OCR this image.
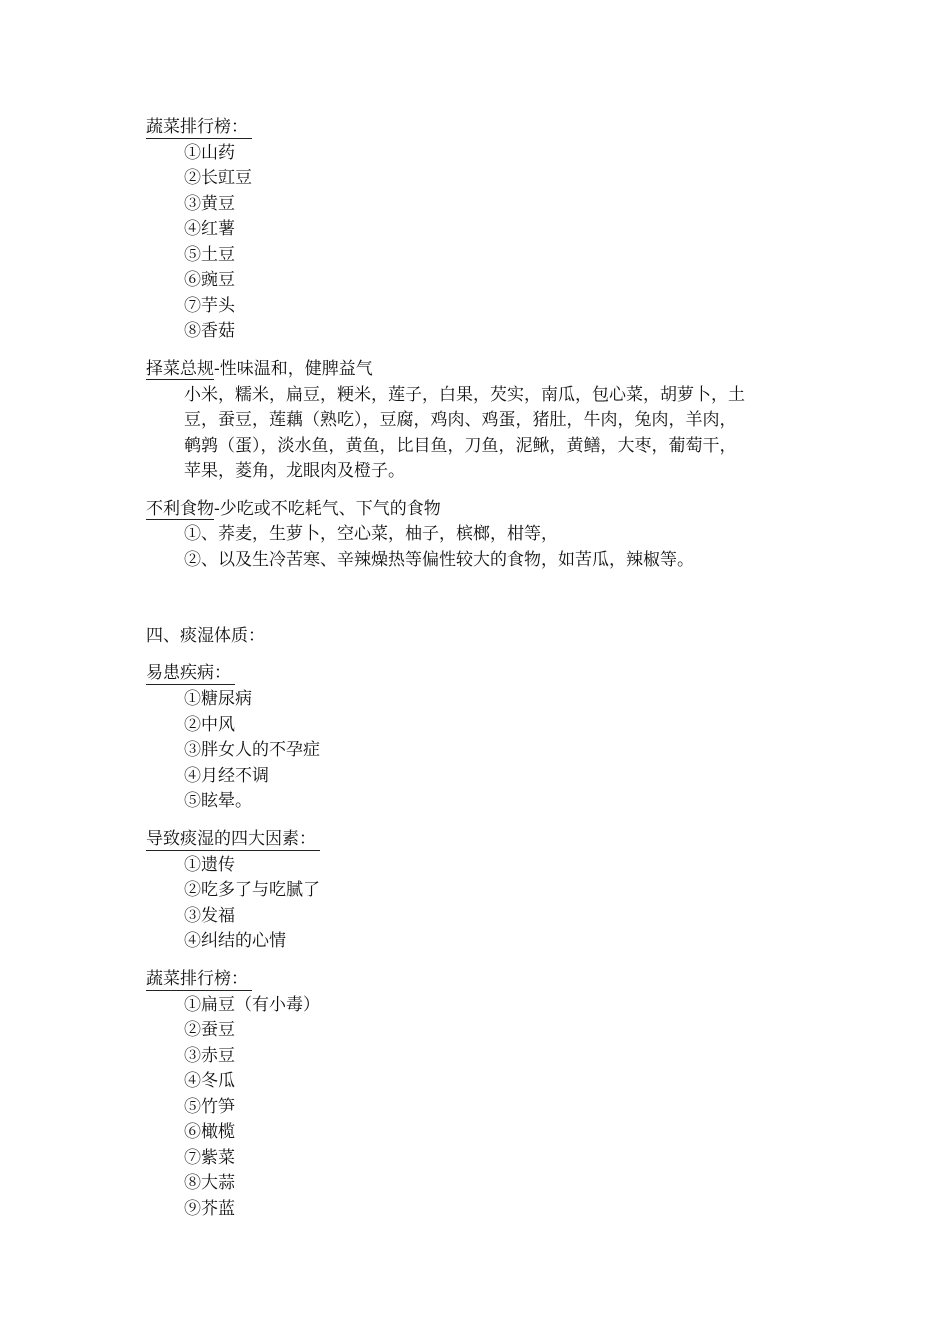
蔬菜排行榜：
①山药
②长豇豆
③黄豆
④红薯
⑤土豆
⑥豌豆
⑦芋头
⑧香菇
择菜总规-性味温和，健脾益气
小米，糯米，扁豆，粳米，莲子，白果，芡实，南瓜，包心菜，胡萝卜，土
豆，蚕豆，莲藕（熟吃），豆腐，鸡肉、鸡蛋，猪肚，牛肉，兔肉，羊肉，
鹌鹑（蛋），淡水鱼，黄鱼，比目鱼，刀鱼，泥鳅，黄鳝，大枣，葡萄干，
苹果，菱角，龙眼肉及橙子。
不利食物-少吃或不吃耗气、下气的食物
①、荞麦，生萝卜，空心菜，柚子，槟榔，柑等，
②、以及生冷苦寒、辛辣燥热等偏性较大的食物，如苦瓜，辣椒等。
四、痰湿体质：
易患疾病：
①糖尿病
②中风
③胖女人的不孕症
④月经不调
⑤眩晕。
导致痰湿的四大因素：
①遗传
②吃多了与吃腻了
③发福
④纠结的心情
蔬菜排行榜：
①扁豆（有小毒）
②蚕豆
③赤豆
④冬瓜
⑤竹笋
⑥橄榄
⑦紫菜
⑧大蒜
⑨芥蓝
